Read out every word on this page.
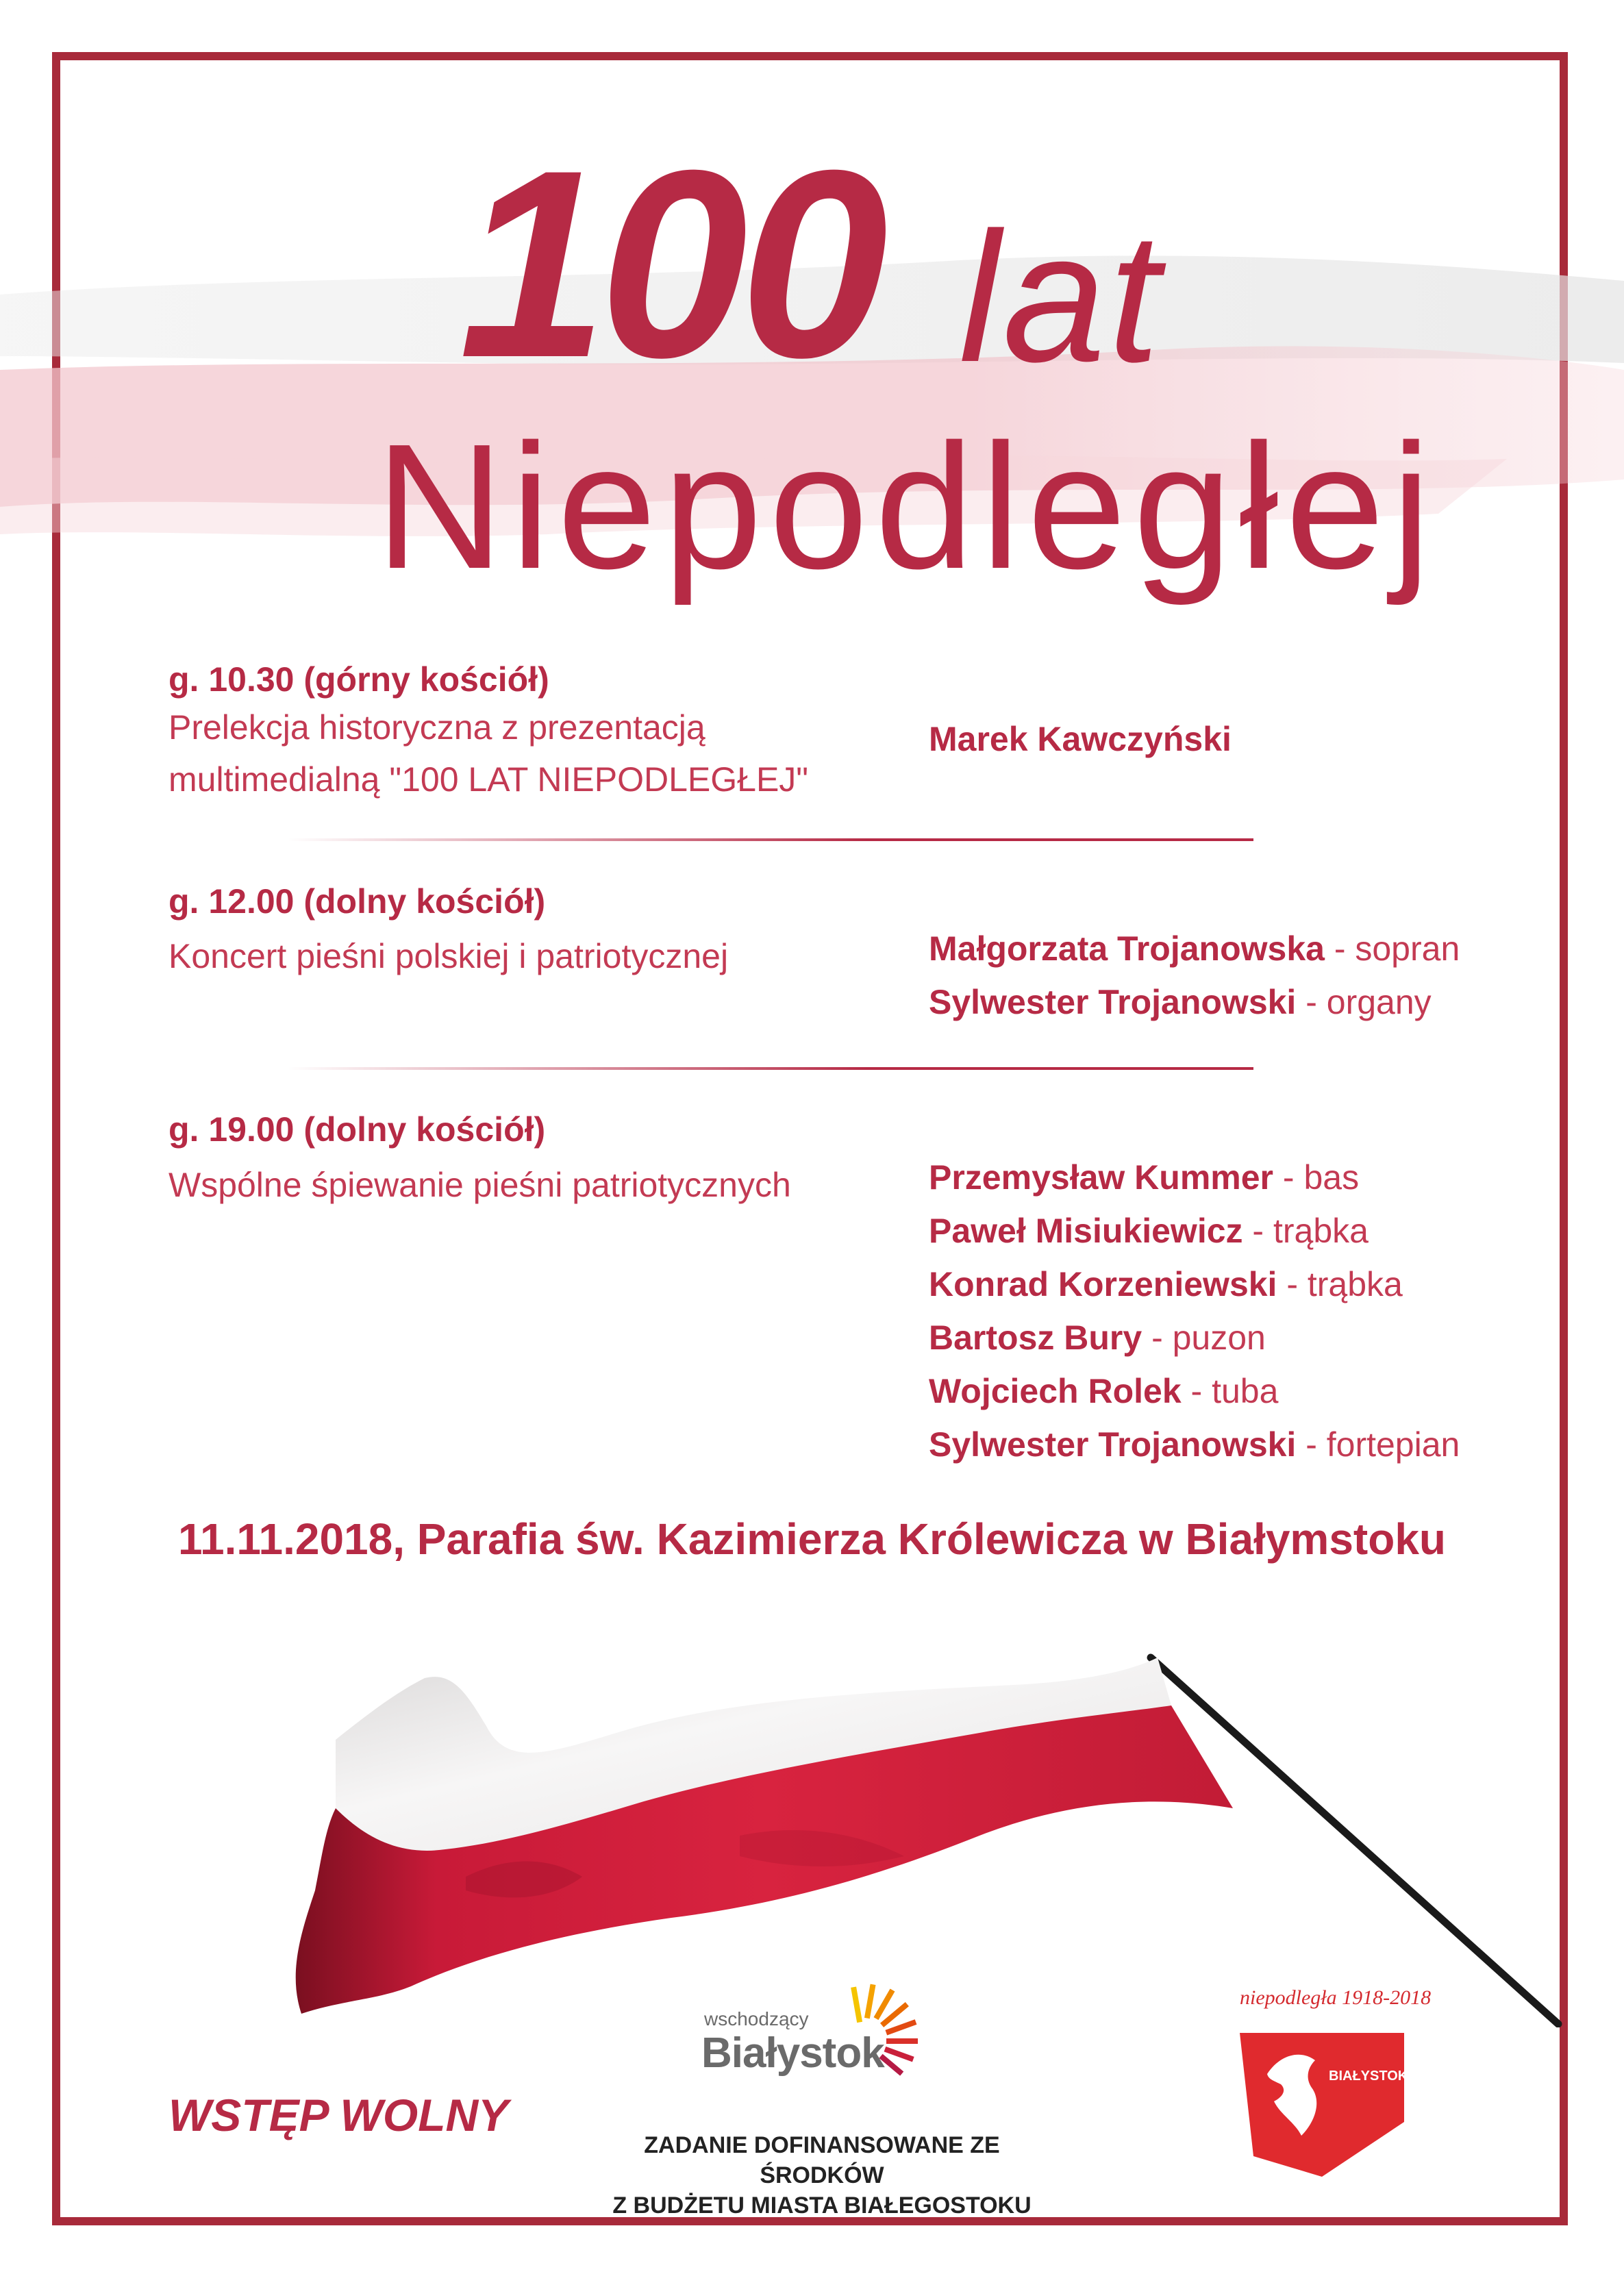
100 lat
Niepodległej
g. 10.30 (górny kościół)
Prelekcja historyczna z prezentacją
multimedialną "100 LAT NIEPODLEGŁEJ"
Marek Kawczyński
g. 12.00 (dolny kościół)
Koncert pieśni polskiej i patriotycznej	Małgorzata Trojanowska - sopran
Sylwester Trojanowski - organy
g. 19.00 (dolny kościół)
Wspólne śpiewanie pieśni patriotycznych	Przemysław Kummer - bas
Paweł Misiukiewicz - trąbka
Konrad Korzeniewski - trąbka
Bartosz Bury - puzon
Wojciech Rolek - tuba
Sylwester Trojanowski - fortepian
11.11.2018, Parafia św. Kazimierza Królewicza w Białymstoku
WSTĘP WOLNY
wschodzący
Białystok
ZADANIE DOFINANSOWANE ZE ŚRODKÓW
Z BUDŻETU MIASTA BIAŁEGOSTOKU
niepodległa 1918-2018
BIAŁYSTOK
